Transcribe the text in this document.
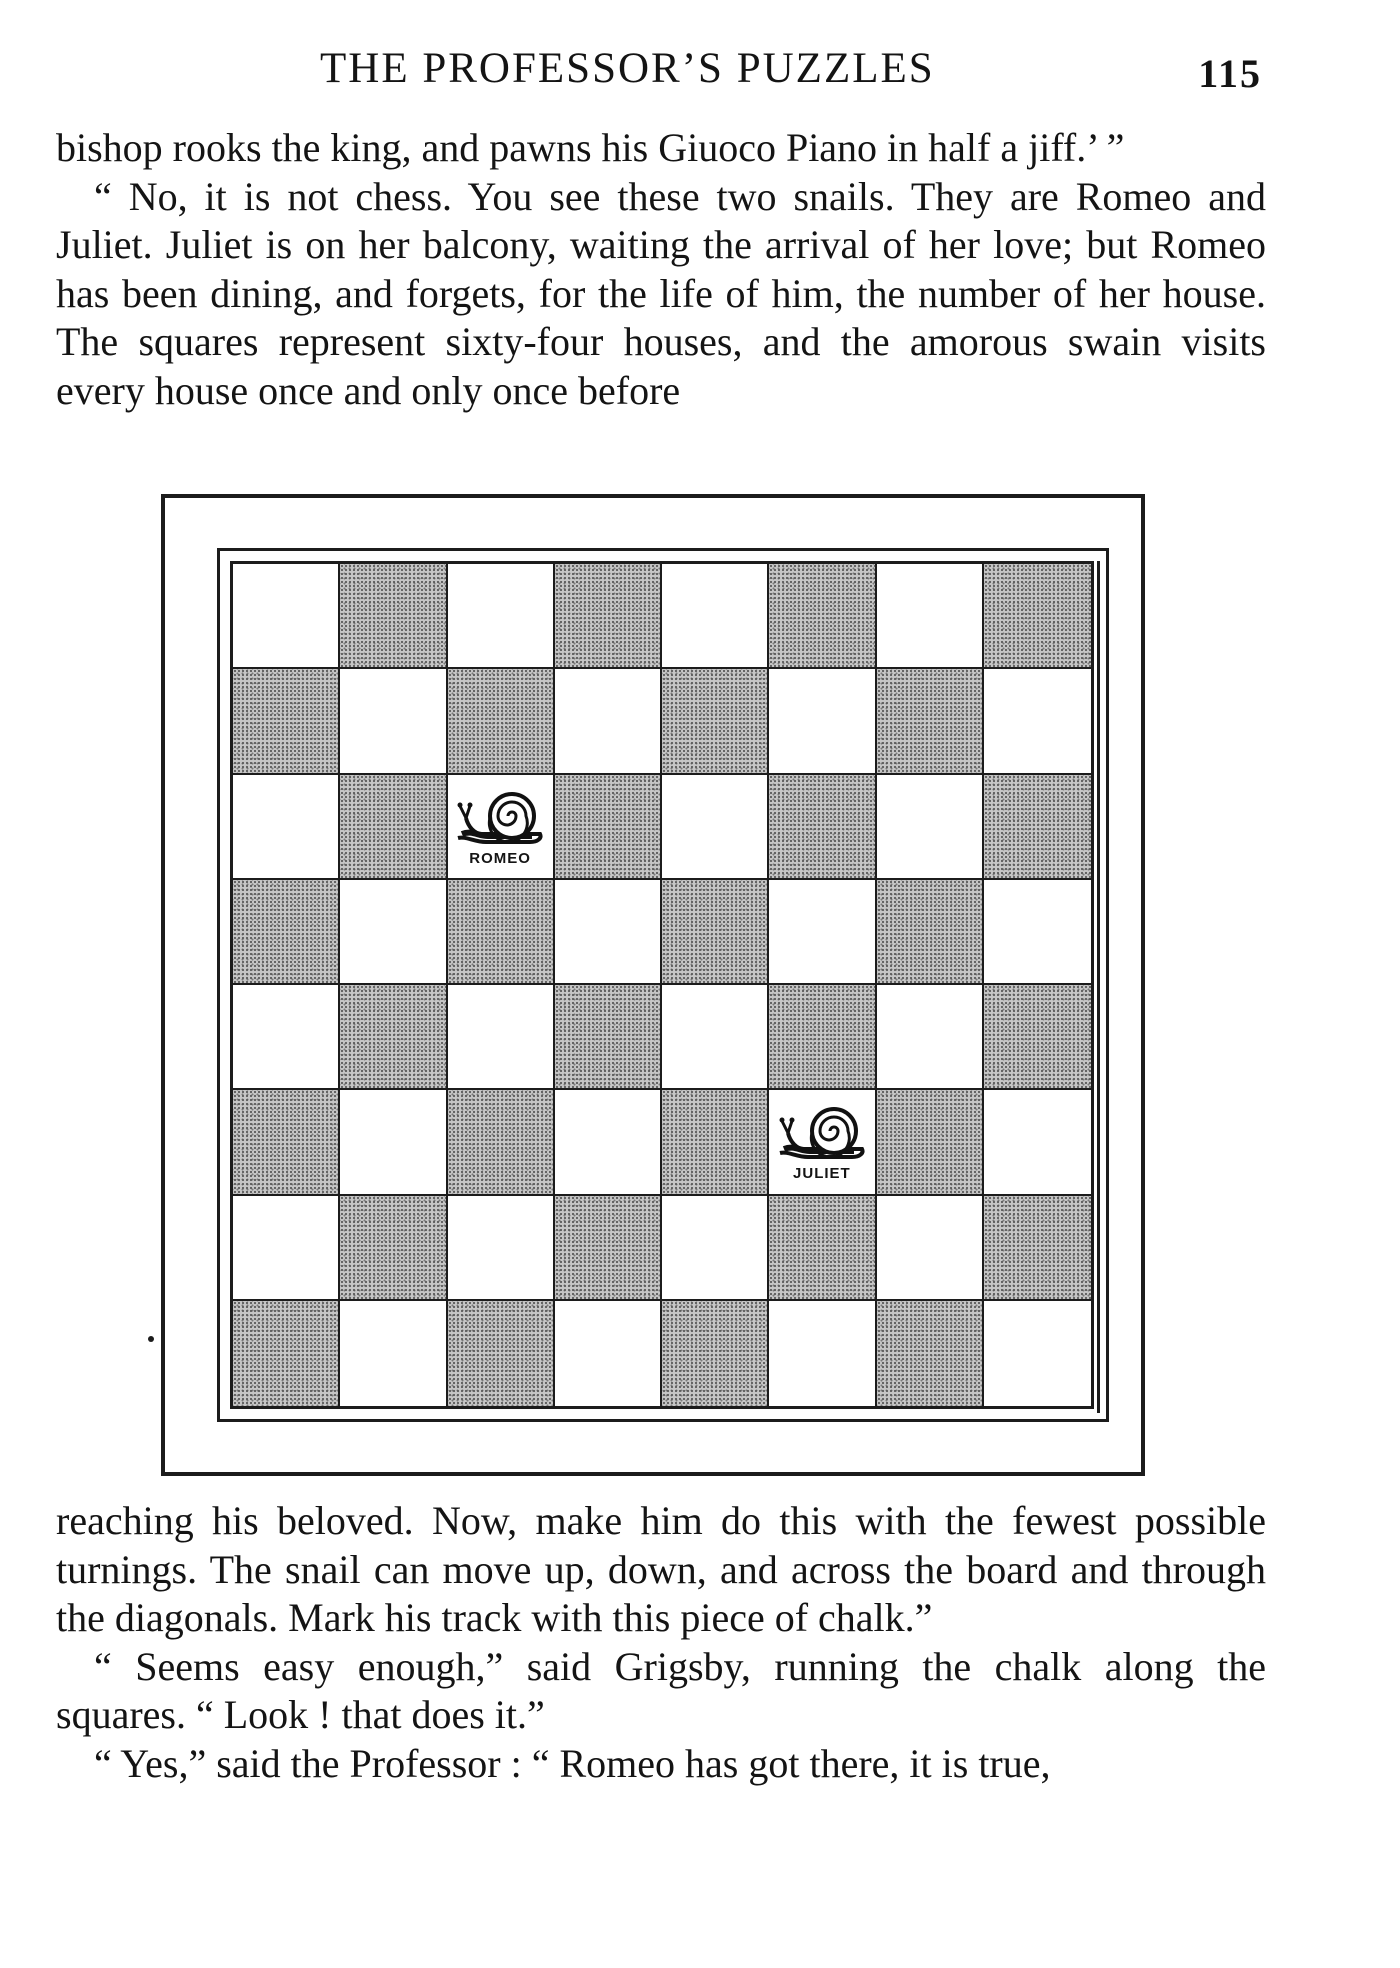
THE PROFESSOR’S PUZZLES	115

bishop rooks the king, and pawns his Giuoco Piano in half a jiff.’ ”

“ No, it is not chess. You see these two snails. They are Romeo and Juliet. Juliet is on her balcony, waiting the arrival of her love; but Romeo has been dining, and forgets, for the life of him, the number of her house. The squares represent sixty-four houses, and the amorous swain visits every house once and only once before

ROMEO
JULIET

reaching his beloved. Now, make him do this with the fewest possible turnings. The snail can move up, down, and across the board and through the diagonals. Mark his track with this piece of chalk.”

“ Seems easy enough,” said Grigsby, running the chalk along the squares. “ Look ! that does it.”

“ Yes,” said the Professor : “ Romeo has got there, it is true,
